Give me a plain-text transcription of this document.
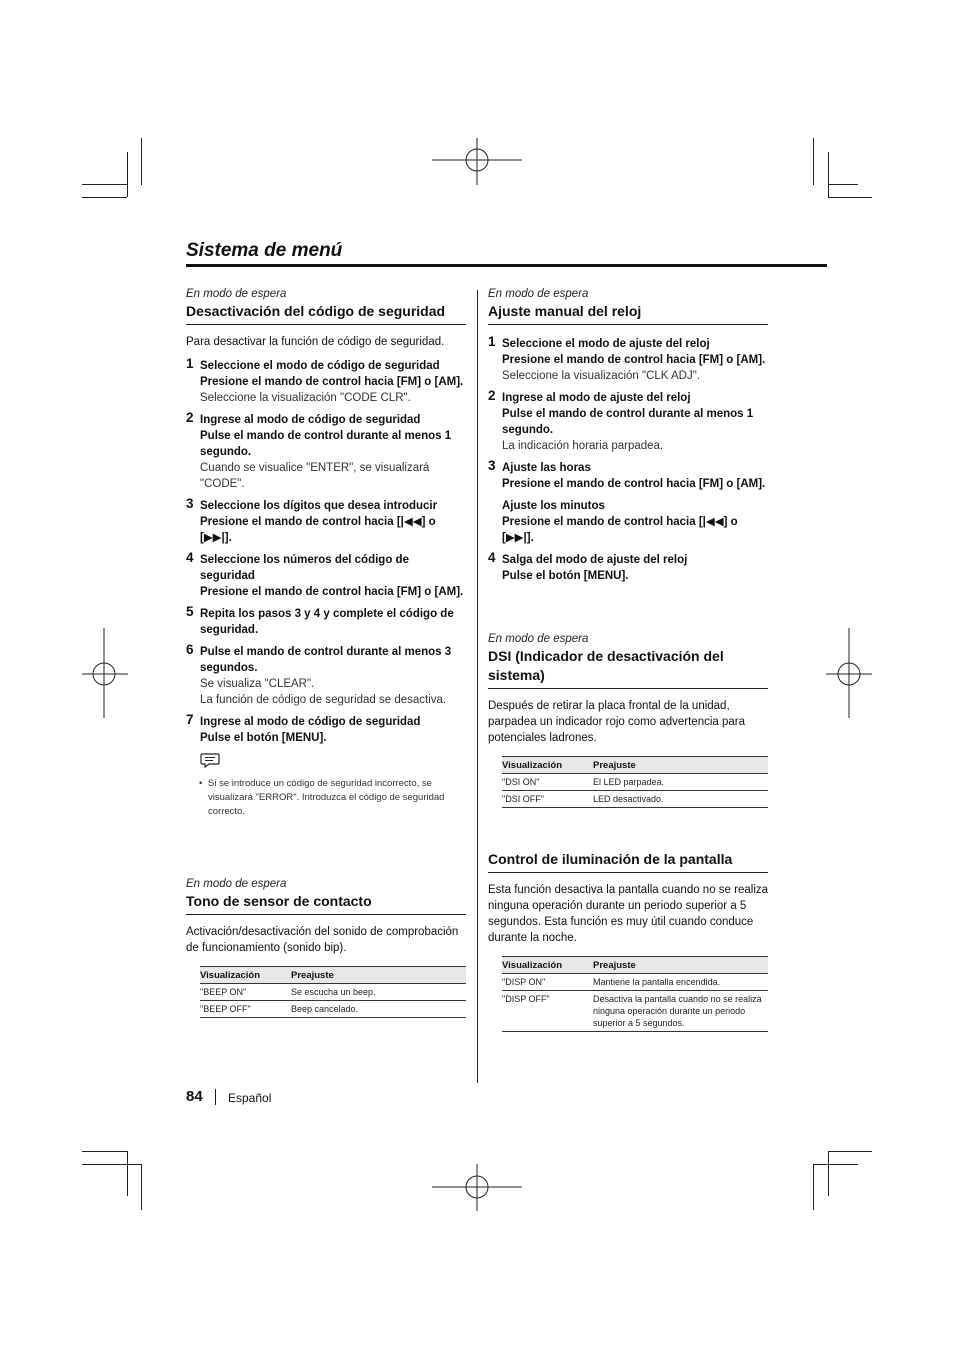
Sistema de menú
En modo de espera
Desactivación del código de seguridad
Para desactivar la función de código de seguridad.
1 Seleccione el modo de código de seguridad
Presione el mando de control hacia [FM] o [AM].
Seleccione la visualización "CODE CLR".
2 Ingrese al modo de código de seguridad
Pulse el mando de control durante al menos 1 segundo.
Cuando se visualice "ENTER", se visualizará "CODE".
3 Seleccione los dígitos que desea introducir
Presione el mando de control hacia [|◀◀] o [▶▶|].
4 Seleccione los números del código de seguridad
Presione el mando de control hacia [FM] o [AM].
5 Repita los pasos 3 y 4 y complete el código de seguridad.
6 Pulse el mando de control durante al menos 3 segundos.
Se visualiza "CLEAR".
La función de código de seguridad se desactiva.
7 Ingrese al modo de código de seguridad
Pulse el botón [MENU].
• Si se introduce un código de seguridad incorrecto, se visualizará "ERROR". Introduzca el código de seguridad correcto.
En modo de espera
Tono de sensor de contacto
Activación/desactivación del sonido de comprobación de funcionamiento (sonido bip).
Visualización	Preajuste
"BEEP ON"	Se escucha un beep.
"BEEP OFF"	Beep cancelado.
En modo de espera
Ajuste manual del reloj
1 Seleccione el modo de ajuste del reloj
Presione el mando de control hacia [FM] o [AM].
Seleccione la visualización "CLK ADJ".
2 Ingrese al modo de ajuste del reloj
Pulse el mando de control durante al menos 1 segundo.
La indicación horaria parpadea.
3 Ajuste las horas
Presione el mando de control hacia [FM] o [AM].
Ajuste los minutos
Presione el mando de control hacia [|◀◀] o [▶▶|].
4 Salga del modo de ajuste del reloj
Pulse el botón [MENU].
En modo de espera
DSI (Indicador de desactivación del sistema)
Después de retirar la placa frontal de la unidad, parpadea un indicador rojo como advertencia para potenciales ladrones.
Visualización	Preajuste
"DSI ON"	El LED parpadea.
"DSI OFF"	LED desactivado.
Control de iluminación de la pantalla
Esta función desactiva la pantalla cuando no se realiza ninguna operación durante un periodo superior a 5 segundos. Esta función es muy útil cuando conduce durante la noche.
Visualización	Preajuste
"DISP ON"	Mantiene la pantalla encendida.
"DISP OFF"	Desactiva la pantalla cuando no se realiza ninguna operación durante un periodo superior a 5 segundos.
84 Español
